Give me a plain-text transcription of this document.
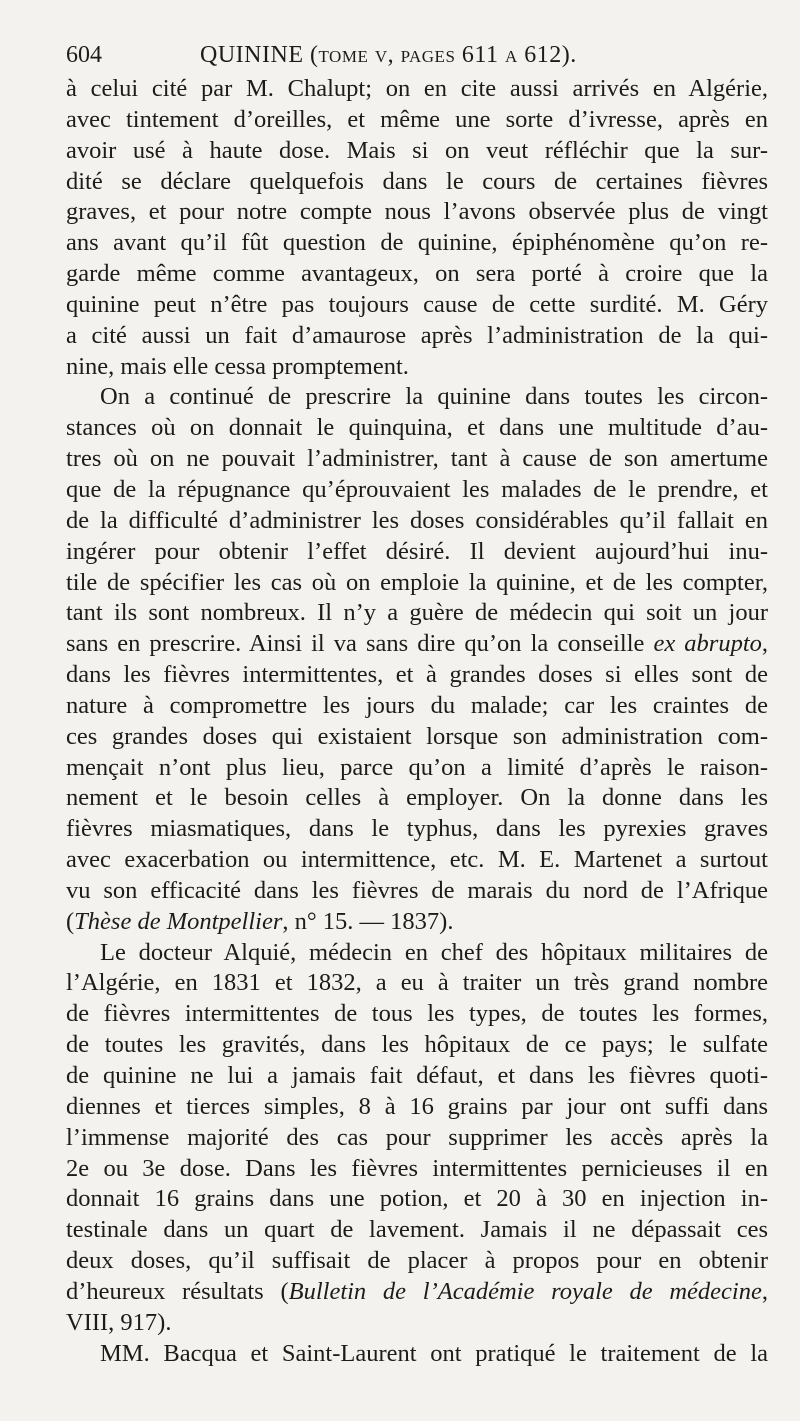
604	QUININE (tome v, pages 611 a 612).
à celui cité par M. Chalupt; on en cite aussi arrivés en Algérie,
avec tintement d’oreilles, et même une sorte d’ivresse, après en
avoir usé à haute dose. Mais si on veut réfléchir que la sur-
dité se déclare quelquefois dans le cours de certaines fièvres
graves, et pour notre compte nous l’avons observée plus de vingt
ans avant qu’il fût question de quinine, épiphénomène qu’on re-
garde même comme avantageux, on sera porté à croire que la
quinine peut n’être pas toujours cause de cette surdité. M. Géry
a cité aussi un fait d’amaurose après l’administration de la qui-
nine, mais elle cessa promptement.
On a continué de prescrire la quinine dans toutes les circon-
stances où on donnait le quinquina, et dans une multitude d’au-
tres où on ne pouvait l’administrer, tant à cause de son amertume
que de la répugnance qu’éprouvaient les malades de le prendre, et
de la difficulté d’administrer les doses considérables qu’il fallait en
ingérer pour obtenir l’effet désiré. Il devient aujourd’hui inu-
tile de spécifier les cas où on emploie la quinine, et de les compter,
tant ils sont nombreux. Il n’y a guère de médecin qui soit un jour
sans en prescrire. Ainsi il va sans dire qu’on la conseille ex abrupto,
dans les fièvres intermittentes, et à grandes doses si elles sont de
nature à compromettre les jours du malade; car les craintes de
ces grandes doses qui existaient lorsque son administration com-
mençait n’ont plus lieu, parce qu’on a limité d’après le raison-
nement et le besoin celles à employer. On la donne dans les
fièvres miasmatiques, dans le typhus, dans les pyrexies graves
avec exacerbation ou intermittence, etc. M. E. Martenet a surtout
vu son efficacité dans les fièvres de marais du nord de l’Afrique
(Thèse de Montpellier, n° 15. — 1837).
Le docteur Alquié, médecin en chef des hôpitaux militaires de
l’Algérie, en 1831 et 1832, a eu à traiter un très grand nombre
de fièvres intermittentes de tous les types, de toutes les formes,
de toutes les gravités, dans les hôpitaux de ce pays; le sulfate
de quinine ne lui a jamais fait défaut, et dans les fièvres quoti-
diennes et tierces simples, 8 à 16 grains par jour ont suffi dans
l’immense majorité des cas pour supprimer les accès après la
2e ou 3e dose. Dans les fièvres intermittentes pernicieuses il en
donnait 16 grains dans une potion, et 20 à 30 en injection in-
testinale dans un quart de lavement. Jamais il ne dépassait ces
deux doses, qu’il suffisait de placer à propos pour en obtenir
d’heureux résultats (Bulletin de l’Académie royale de médecine,
VIII, 917).
MM. Bacqua et Saint-Laurent ont pratiqué le traitement de la
